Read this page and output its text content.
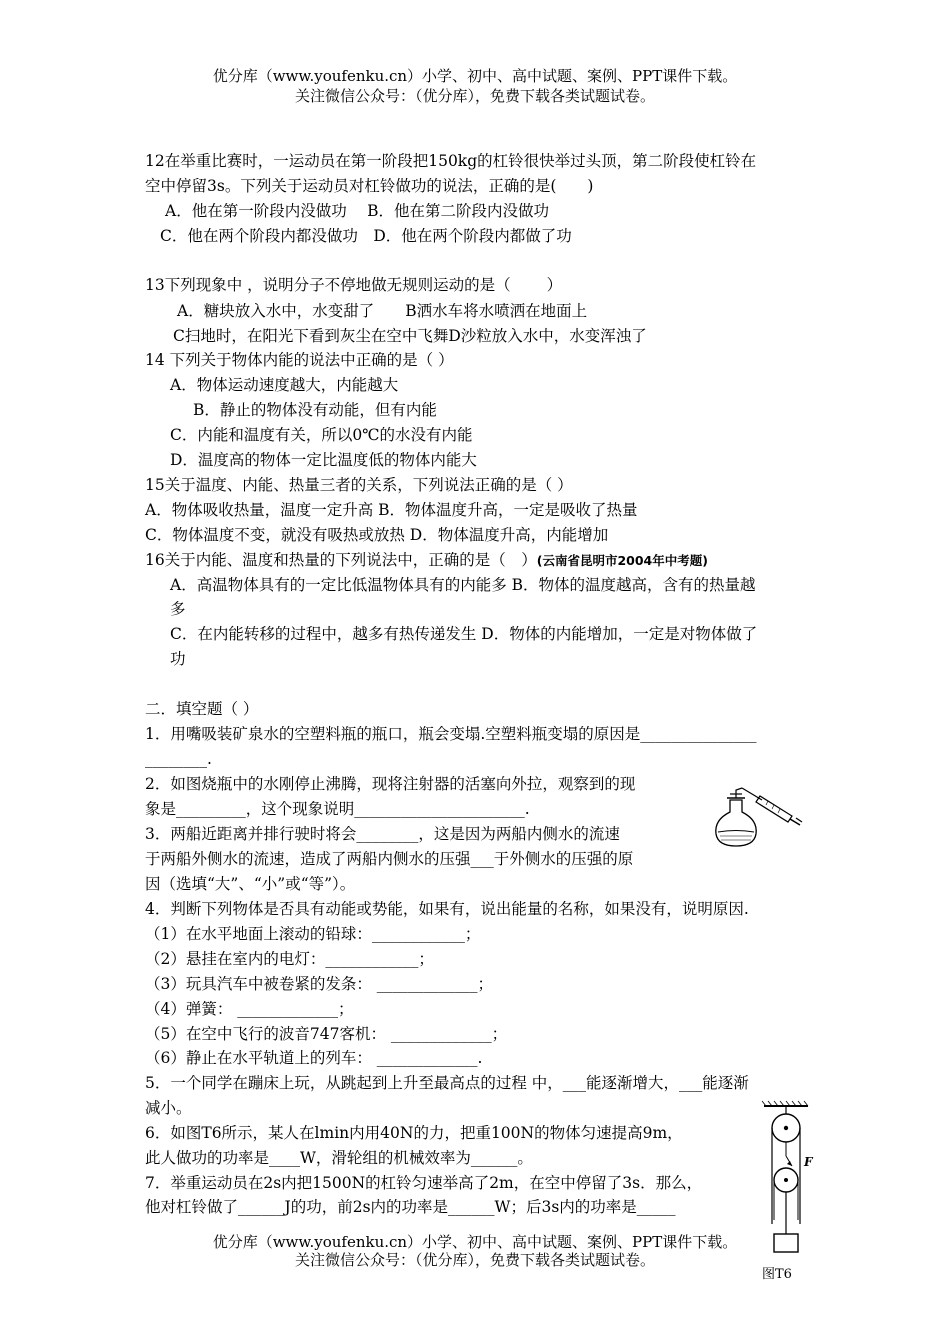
优分库（www.youfenku.cn）小学、初中、高中试题、案例、PPT课件下载。
关注微信公众号：（优分库），免费下载各类试题试卷。
12在举重比赛时，一运动员在第一阶段把150kg的杠铃很快举过头顶，第二阶段使杠铃在
空中停留3s。下列关于运动员对杠铃做功的说法，正确的是(　　)
A．他在第一阶段内没做功　 B．他在第二阶段内没做功
C．他在两个阶段内都没做功　D．他在两个阶段内都做了功
13下列现象中 ，说明分子不停地做无规则运动的是（　　 ）
A．糖块放入水中，水变甜了　　B洒水车将水喷洒在地面上
C扫地时，在阳光下看到灰尘在空中飞舞D沙粒放入水中，水变浑浊了
14 下列关于物体内能的说法中正确的是（ ）
A．物体运动速度越大，内能越大
B．静止的物体没有动能，但有内能
C．内能和温度有关，所以0℃的水没有内能
D．温度高的物体一定比温度低的物体内能大
15关于温度、内能、热量三者的关系，下列说法正确的是（ ）
A．物体吸收热量，温度一定升高 B．物体温度升高，一定是吸收了热量
C．物体温度不变，就没有吸热或放热 D．物体温度升高，内能增加
16关于内能、温度和热量的下列说法中，正确的是（　）(云南省昆明市2004年中考题)
A．高温物体具有的一定比低温物体具有的内能多 B．物体的温度越高，含有的热量越
多
C．在内能转移的过程中，越多有热传递发生 D．物体的内能增加，一定是对物体做了
功
二．填空题（ ）
1．用嘴吸装矿泉水的空塑料瓶的瓶口，瓶会变塌.空塑料瓶变塌的原因是_______________
________.
2．如图烧瓶中的水刚停止沸腾，现将注射器的活塞向外拉，观察到的现
象是_________，这个现象说明______________________.
3．两船近距离并排行驶时将会________，这是因为两船内侧水的流速
于两船外侧水的流速，造成了两船内侧水的压强___于外侧水的压强的原
因（选填“大”、“小”或“等”）。
4．判断下列物体是否具有动能或势能，如果有，说出能量的名称，如果没有，说明原因.
（1）在水平地面上滚动的铅球：____________；
（2）悬挂在室内的电灯：____________；
（3）玩具汽车中被卷紧的发条： _____________；
（4）弹簧： _____________；
（5）在空中飞行的波音747客机： _____________；
（6）静止在水平轨道上的列车： _____________.
5．一个同学在蹦床上玩，从跳起到上升至最高点的过程 中，___能逐渐增大，___能逐渐
减小。
6．如图T6所示，某人在lmin内用40N的力，把重100N的物体匀速提高9m，
此人做功的功率是____W，滑轮组的机械效率为______。
7．举重运动员在2s内把1500N的杠铃匀速举高了2m，在空中停留了3s．那么，
他对杠铃做了______J的功，前2s内的功率是______W；后3s内的功率是_____
F
图T6
优分库（www.youfenku.cn）小学、初中、高中试题、案例、PPT课件下载。
关注微信公众号：（优分库），免费下载各类试题试卷。
